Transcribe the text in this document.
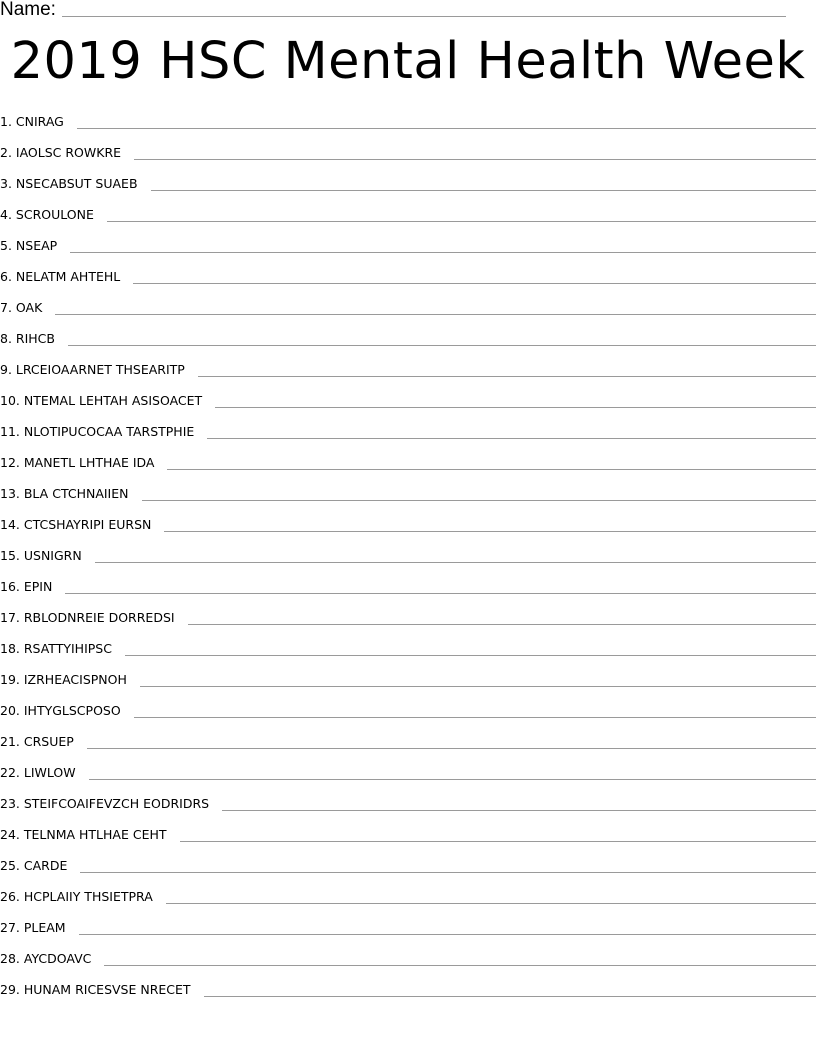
Name:
2019 HSC Mental Health Week
1 . CNIRAG
2 . IAOLSC ROWKRE
3 . NSECABSUT SUAEB
4 . SCROULONE
5 . NSEAP
6 . NELATM AHTEHL
7 . OAK
8 . RIHCB
9 . LRCEIOAARNET THSEARITP
10 . NTEMAL LEHTAH ASISOACET
11 . NLOTIPUCOCAA TARSTPHIE
12 . MANETL LHTHAE IDA
13 . BLA CTCHNAIIEN
14 . CTCSHAYRIPI EURSN
15 . USNIGRN
16 . EPIN
17 . RBLODNREIE DORREDSI
18 . RSATTYIHIPSC
19 . IZRHEACISPNOH
20 . IHTYGLSCPOSO
21 . CRSUEP
22 . LIWLOW
23 . STEIFCOAIFEVZCH EODRIDRS
24 . TELNMA HTLHAE CEHT
25 . CARDE
26 . HCPLAIIY THSIETPRA
27 . PLEAM
28 . AYCDOAVC
29 . HUNAM RICESVSE NRECET
